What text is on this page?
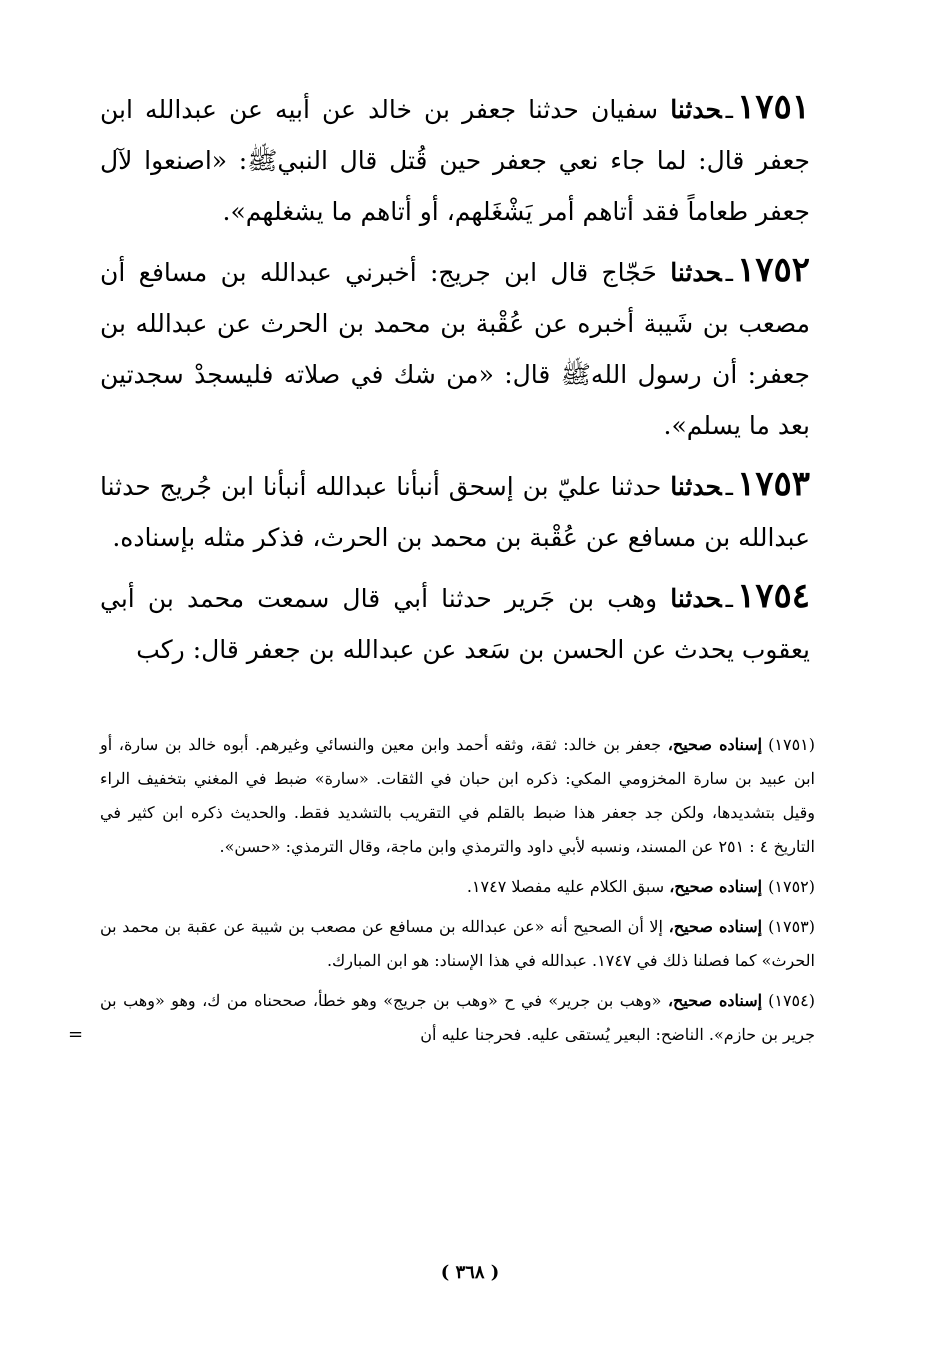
١٧٥١ـحدثنا سفيان حدثنا جعفر بن خالد عن أبيه عن عبدالله ابن جعفر قال: لما جاء نعي جعفر حين قُتل قال النبيﷺ: «اصنعوا لآل جعفر طعاماً فقد أتاهم أمر يَشْغَلهم، أو أتاهم ما يشغلهم».

١٧٥٢ـحدثنا حَجّاج قال ابن جريج: أخبرني عبدالله بن مسافع أن مصعب بن شَيبة أخبره عن عُقْبة بن محمد بن الحرث عن عبدالله بن جعفر: أن رسول اللهﷺ قال: «من شك في صلاته فليسجدْ سجدتين بعد ما يسلم».

١٧٥٣ـحدثنا حدثنا عليّ بن إسحق أنبأنا عبدالله أنبأنا ابن جُريج حدثنا عبدالله بن مسافع عن عُقْبة بن محمد بن الحرث، فذكر مثله بإسناده.

١٧٥٤ـحدثنا وهب بن جَرير حدثنا أبي قال سمعت محمد بن أبي يعقوب يحدث عن الحسن بن سَعد عن عبدالله بن جعفر قال: ركب

(١٧٥١)إسناده صحيح، جعفر بن خالد: ثقة، وثقه أحمد وابن معين والنسائي وغيرهم. أبوه خالد بن سارة، أو ابن عبيد بن سارة المخزومي المكي: ذكره ابن حبان في الثقات. «سارة» ضبط في المغني بتخفيف الراء وقيل بتشديدها، ولكن جد جعفر هذا ضبط بالقلم في التقريب بالتشديد فقط. والحديث ذكره ابن كثير في التاريخ ٤ : ٢٥١ عن المسند، ونسبه لأبي داود والترمذي وابن ماجة، وقال الترمذي: «حسن».

(١٧٥٢)إسناده صحيح، سبق الكلام عليه مفصلا ١٧٤٧.

(١٧٥٣)إسناده صحيح، إلا أن الصحيح أنه «عن عبدالله بن مسافع عن مصعب بن شيبة عن عقبة بن محمد بن الحرث» كما فصلنا ذلك في ١٧٤٧. عبدالله في هذا الإسناد: هو ابن المبارك.

(١٧٥٤)إسناده صحيح، «وهب بن جرير» في ح «وهب بن جريج» وهو خطأ، صححناه من ك، وهو «وهب بن جرير بن حازم». الناضح: البعير يُستقى عليه. فحرجنا عليه أن
=

( ٣٦٨ )
